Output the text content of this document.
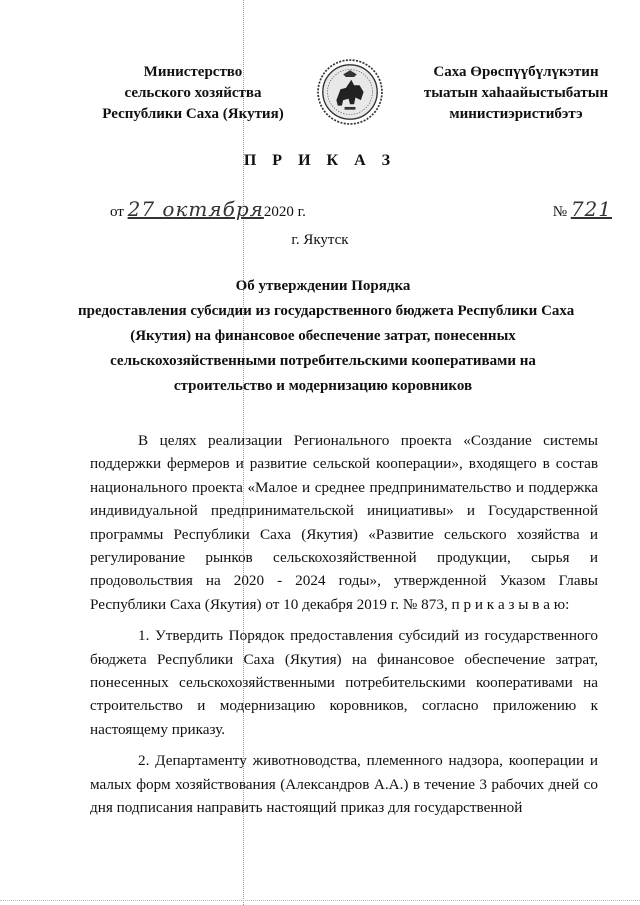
Министерство
сельского хозяйства
Республики Саха (Якутия)
Саха Өрөспүүбүлүкэтин
тыатын хаһаайыстыбатын
министиэристибэтэ
П Р И К А З
от 27 октября2020 г.	№ 721
г. Якутск
Об утверждении Порядка
предоставления субсидии из государственного бюджета Республики Саха
(Якутия) на финансовое обеспечение затрат, понесенных
сельскохозяйственными потребительскими кооперативами на
строительство и модернизацию коровников

В целях реализации Регионального проекта «Создание системы поддержки фермеров и развитие сельской кооперации», входящего в состав национального проекта «Малое и среднее предпринимательство и поддержка индивидуальной предпринимательской инициативы» и Государственной программы Республики Саха (Якутия) «Развитие сельского хозяйства и регулирование рынков сельскохозяйственной продукции, сырья и продовольствия на 2020 - 2024 годы», утвержденной Указом Главы Республики Саха (Якутия) от 10 декабря 2019 г. № 873, п р и к а з ы в а ю:

1. Утвердить Порядок предоставления субсидий из государственного бюджета Республики Саха (Якутия) на финансовое обеспечение затрат, понесенных сельскохозяйственными потребительскими кооперативами на строительство и модернизацию коровников, согласно приложению к настоящему приказу.

2. Департаменту животноводства, племенного надзора, кооперации и малых форм хозяйствования (Александров А.А.) в течение 3 рабочих дней со дня подписания направить настоящий приказ для государственной
